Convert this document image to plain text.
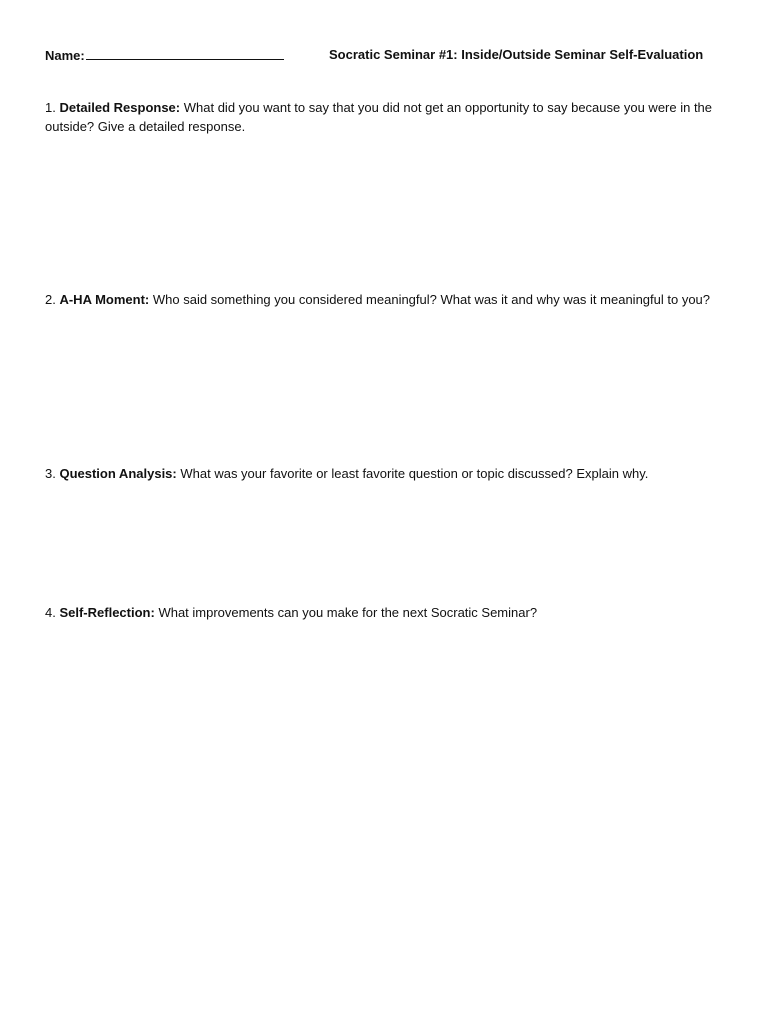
Name:	Socratic Seminar #1: Inside/Outside Seminar Self-Evaluation
1. Detailed Response: What did you want to say that you did not get an opportunity to say because you were in the outside? Give a detailed response.
2. A-HA Moment: Who said something you considered meaningful? What was it and why was it meaningful to you?
3. Question Analysis: What was your favorite or least favorite question or topic discussed? Explain why.
4. Self-Reflection: What improvements can you make for the next Socratic Seminar?
